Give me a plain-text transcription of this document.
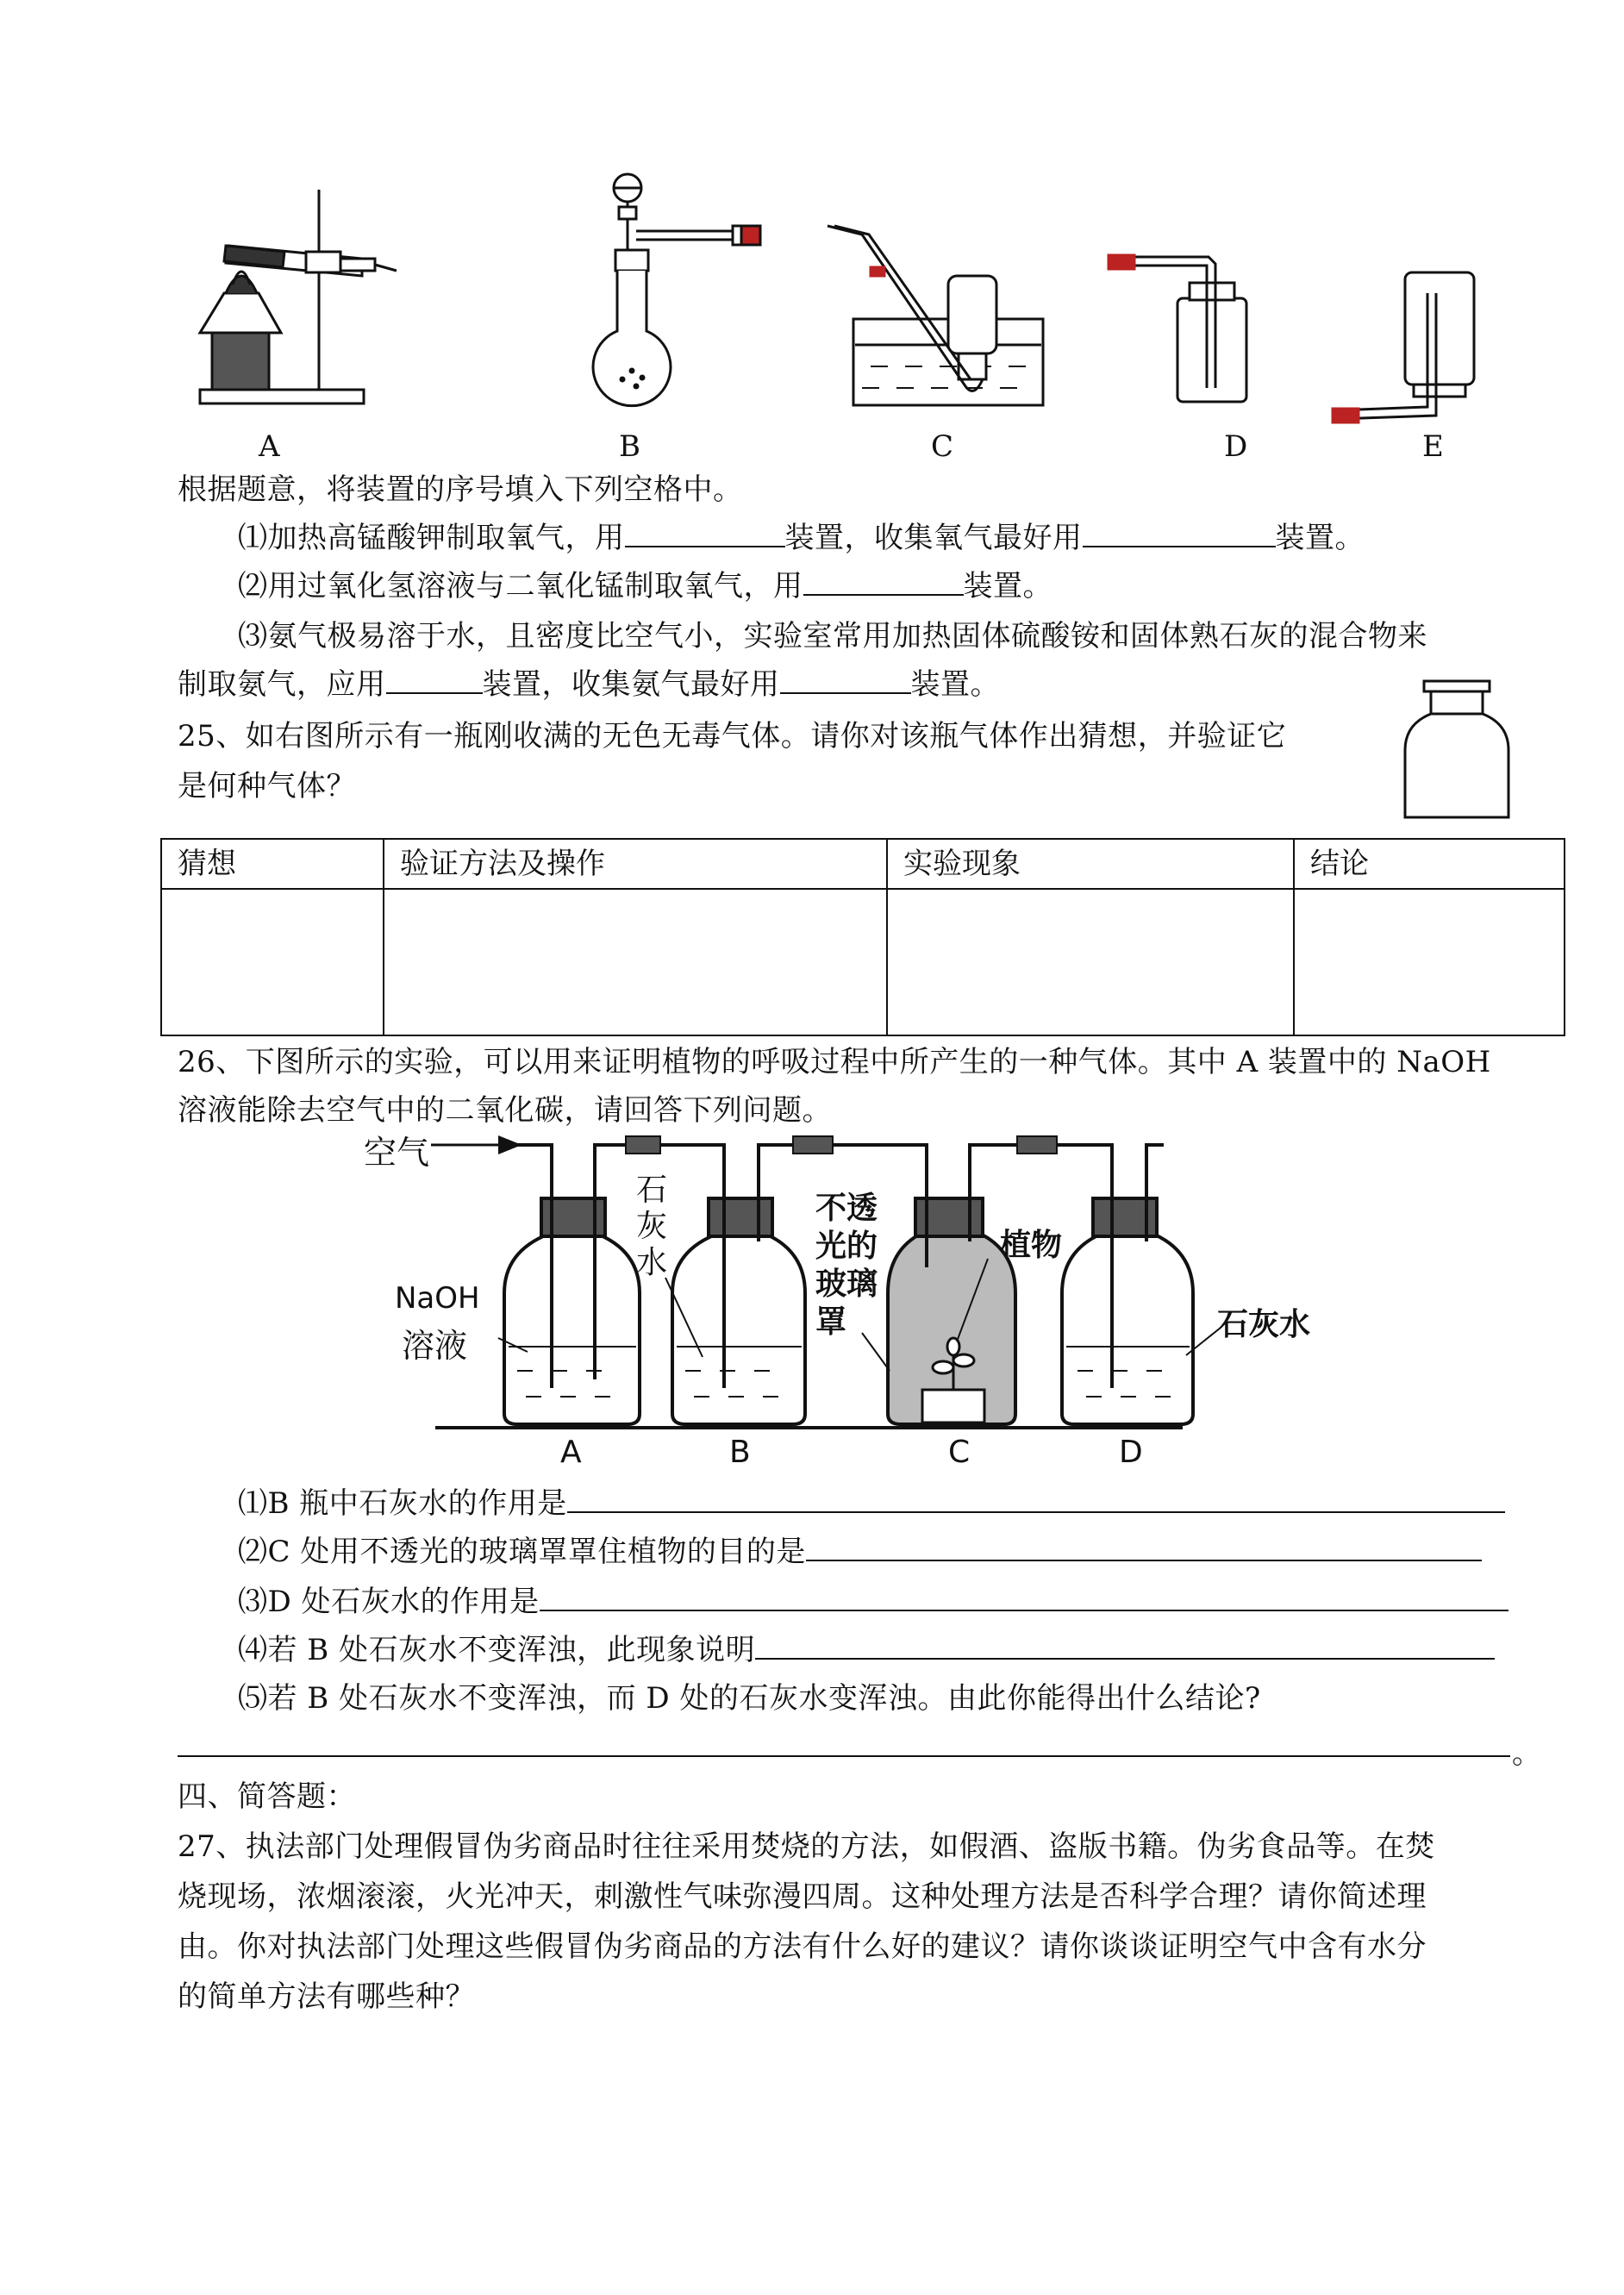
A	B	C	D	E
根据题意，将装置的序号填入下列空格中。
⑴加热高锰酸钾制取氧气，用	装置，收集氧气最好用	装置。
⑵用过氧化氢溶液与二氧化锰制取氧气，用	装置。
⑶氨气极易溶于水，且密度比空气小，实验室常用加热固体硫酸铵和固体熟石灰的混合物来
制取氨气，应用	装置，收集氨气最好用	装置。
25、如右图所示有一瓶刚收满的无色无毒气体。请你对该瓶气体作出猜想，并验证它
是何种气体？
猜想	验证方法及操作	实验现象	结论

26、下图所示的实验，可以用来证明植物的呼吸过程中所产生的一种气体。其中 A 装置中的 NaOH
溶液能除去空气中的二氧化碳，请回答下列问题。
空气
NaOH
溶液
石
灰
水
不透
光的
玻璃
罩
植物
石灰水
A	B	C	D
⑴B 瓶中石灰水的作用是
⑵C 处用不透光的玻璃罩罩住植物的目的是
⑶D 处石灰水的作用是
⑷若 B 处石灰水不变浑浊，此现象说明
⑸若 B 处石灰水不变浑浊，而 D 处的石灰水变浑浊。由此你能得出什么结论?
。
四、简答题：
27、执法部门处理假冒伪劣商品时往往采用焚烧的方法，如假酒、盗版书籍。伪劣食品等。在焚
烧现场，浓烟滚滚，火光冲天，刺激性气味弥漫四周。这种处理方法是否科学合理？请你简述理
由。你对执法部门处理这些假冒伪劣商品的方法有什么好的建议？请你谈谈证明空气中含有水分
的简单方法有哪些种？
